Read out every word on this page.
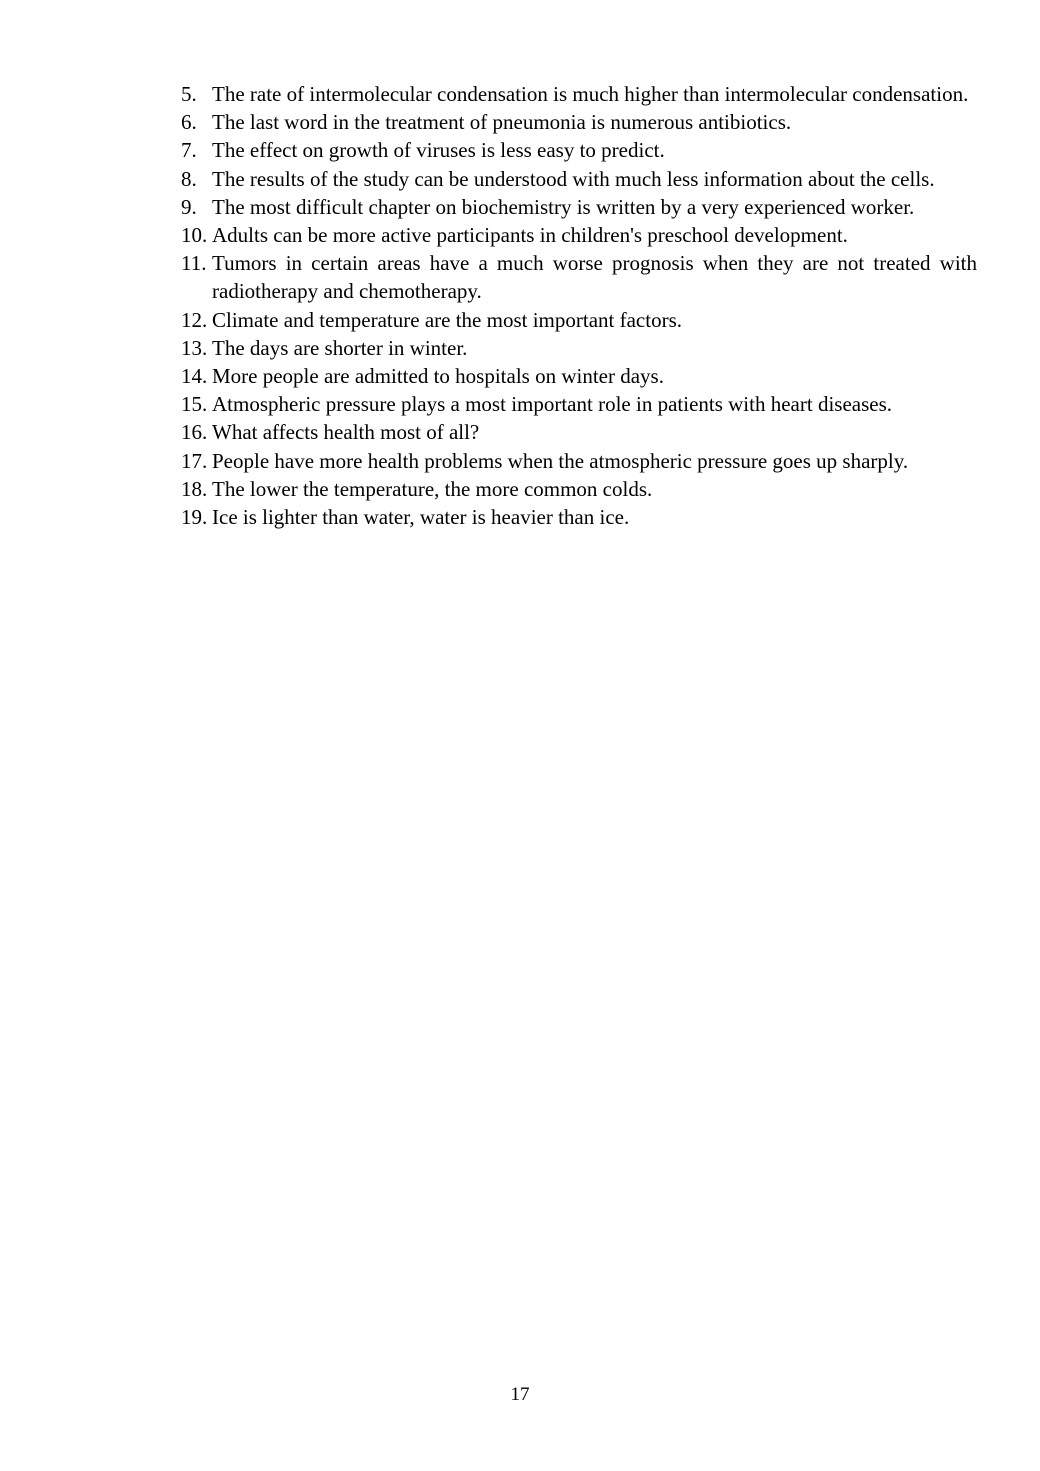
5. The rate of intermolecular condensation is much higher than intermolecular condensation.
6. The last word in the treatment of pneumonia is numerous antibiotics.
7. The effect on growth of viruses is less easy to predict.
8. The results of the study can be understood with much less information about the cells.
9. The most difficult chapter on biochemistry is written by a very experienced worker.
10. Adults can be more active participants in children's preschool development.
11. Tumors in certain areas have a much worse prognosis when they are not treated with radiotherapy and chemotherapy.
12. Climate and temperature are the most important factors.
13. The days are shorter in winter.
14. More people are admitted to hospitals on winter days.
15. Atmospheric pressure plays a most important role in patients with heart diseases.
16. What affects health most of all?
17. People have more health problems when the atmospheric pressure goes up sharply.
18. The lower the temperature, the more common colds.
19. Ice is lighter than water, water is heavier than ice.
17
